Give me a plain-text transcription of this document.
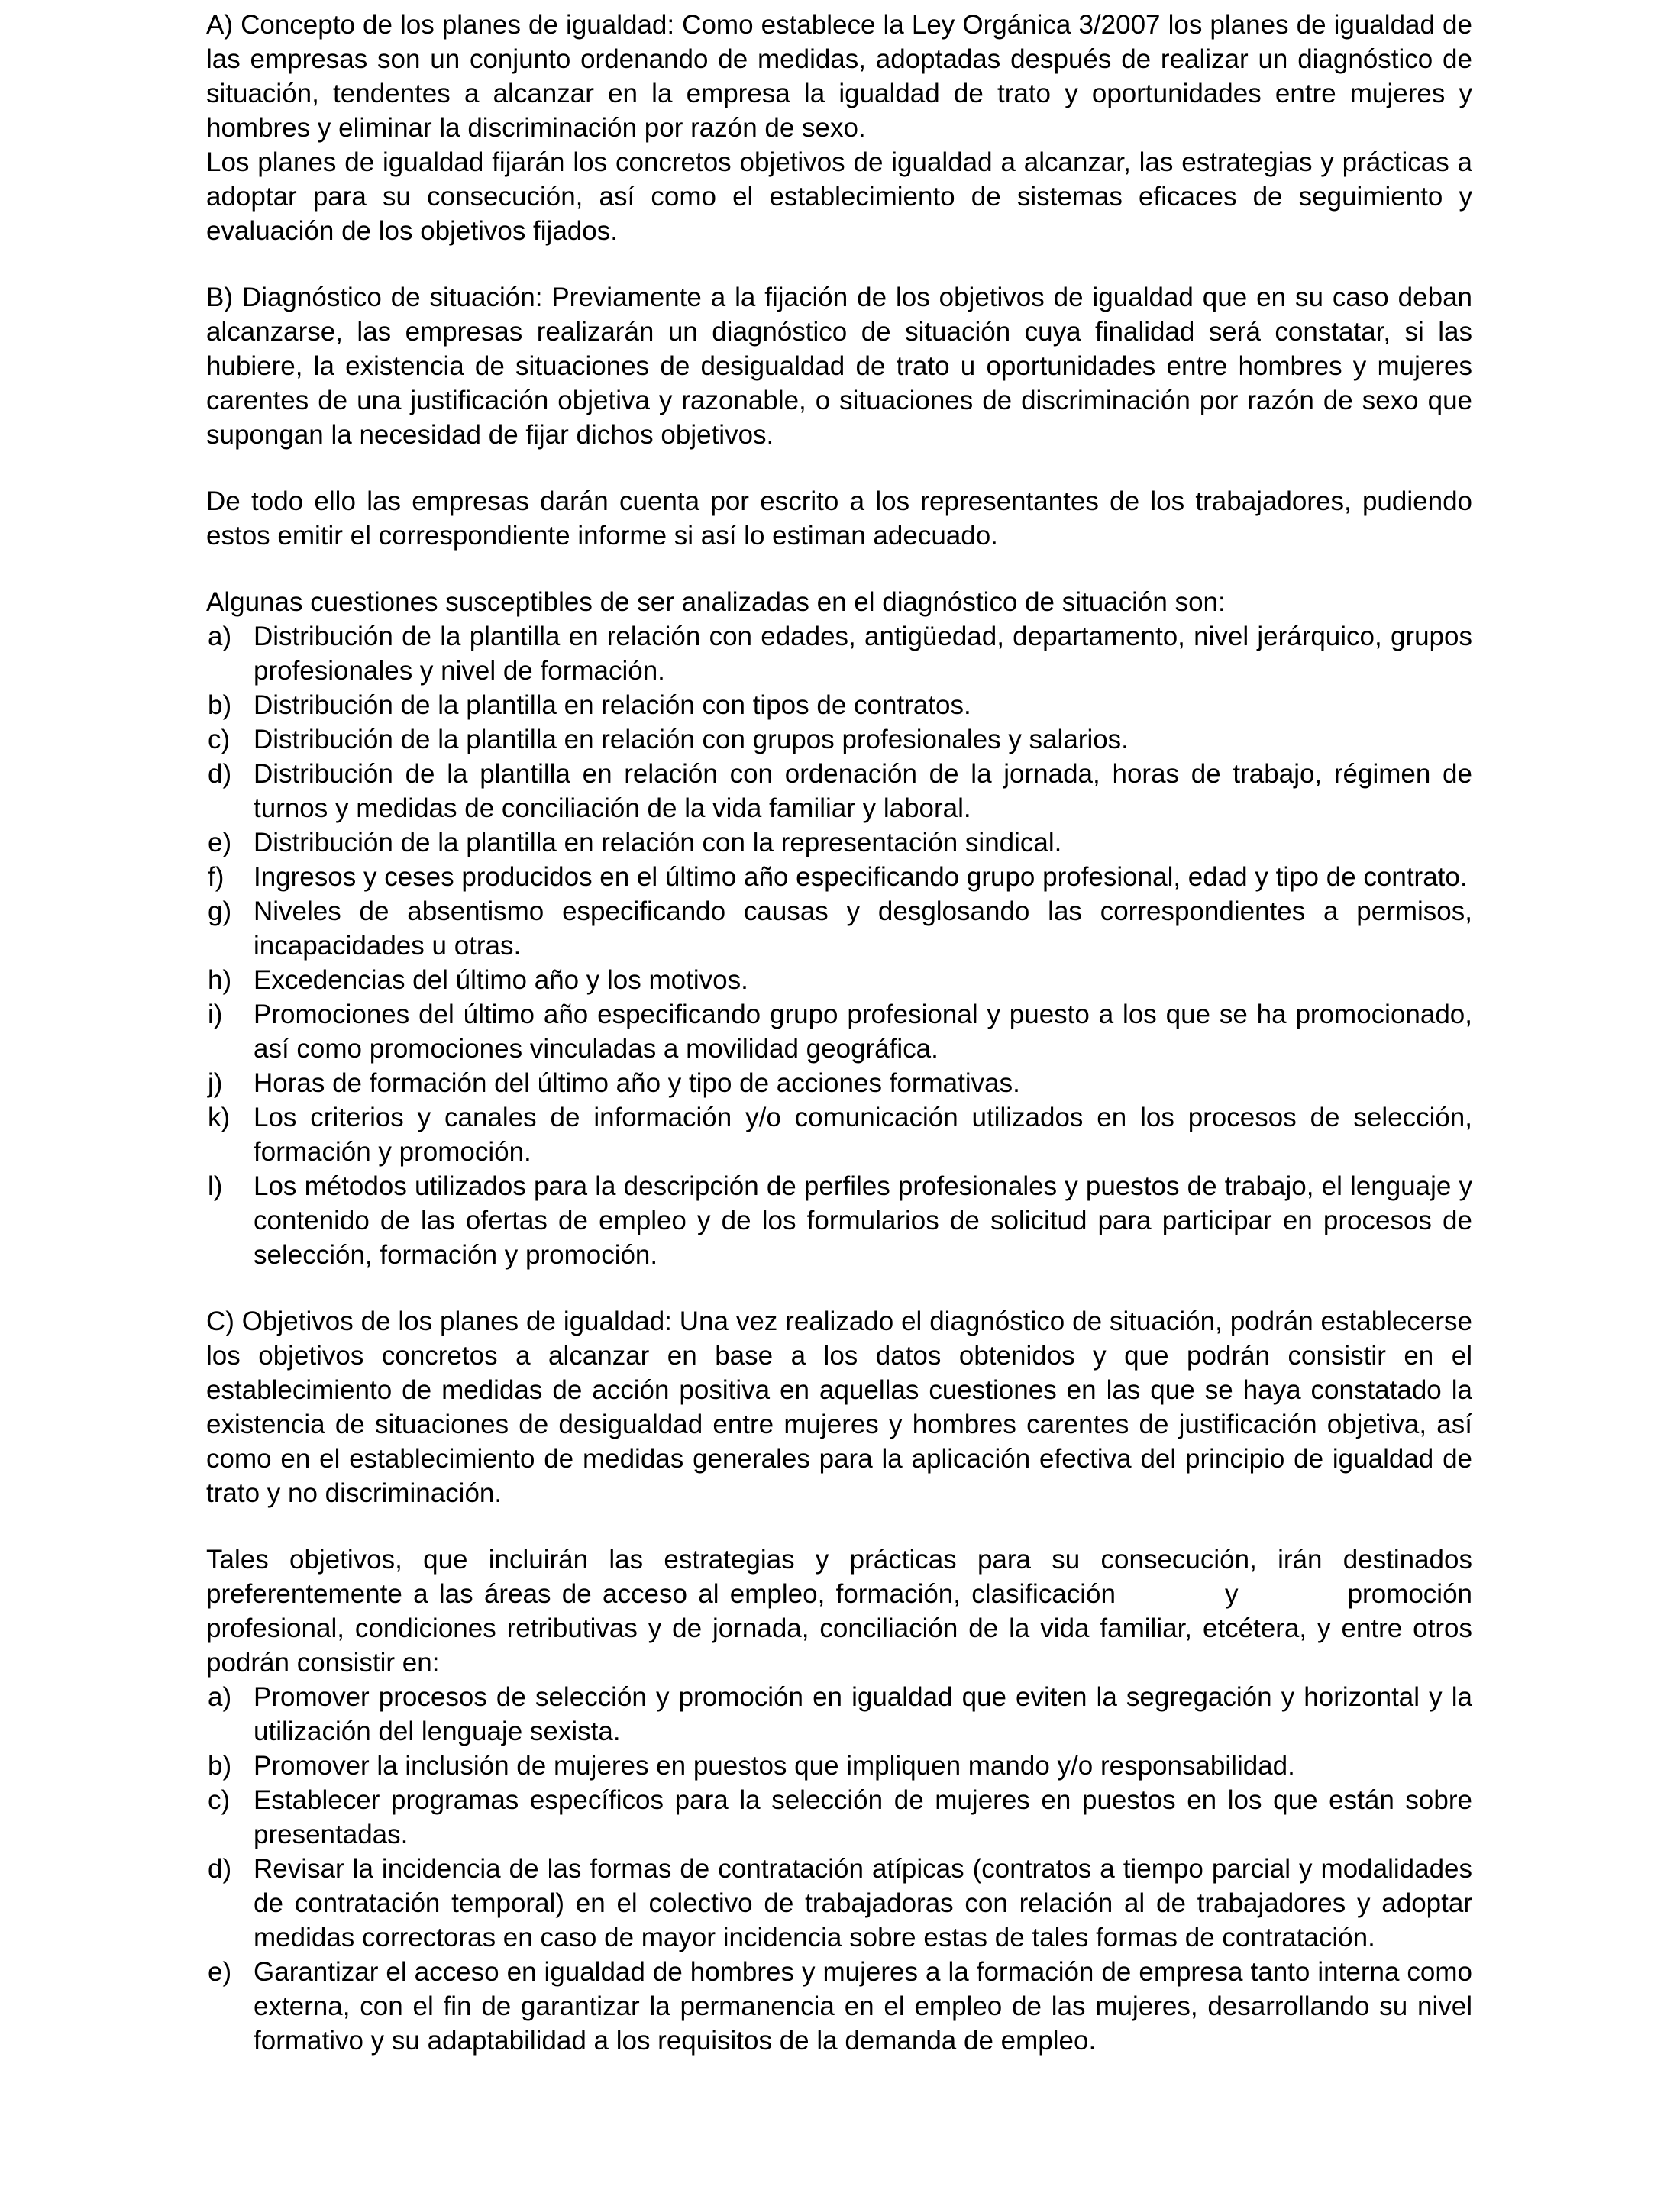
A) Concepto de los planes de igualdad: Como establece la Ley Orgánica 3/2007 los planes de igualdad de las empresas son un conjunto ordenando de medidas, adoptadas después de realizar un diagnóstico de situación, tendentes a alcanzar en la empresa la igualdad de trato y oportunidades entre mujeres y hombres y eliminar la discriminación por razón de sexo.

Los planes de igualdad fijarán los concretos objetivos de igualdad a alcanzar, las estrategias y prácticas a adoptar para su consecución, así como el establecimiento de sistemas eficaces de seguimiento y evaluación de los objetivos fijados.

B) Diagnóstico de situación: Previamente a la fijación de los objetivos de igualdad que en su caso deban alcanzarse, las empresas realizarán un diagnóstico de situación cuya finalidad será constatar, si las hubiere, la existencia de situaciones de desigualdad de trato u oportunidades entre hombres y mujeres carentes de una justificación objetiva y razonable, o situaciones de discriminación por razón de sexo que supongan la necesidad de fijar dichos objetivos.

De todo ello las empresas darán cuenta por escrito a los representantes de los trabajadores, pudiendo estos emitir el correspondiente informe si así lo estiman adecuado.

Algunas cuestiones susceptibles de ser analizadas en el diagnóstico de situación son:

a) Distribución de la plantilla en relación con edades, antigüedad, departamento, nivel jerárquico, grupos profesionales y nivel de formación.
b) Distribución de la plantilla en relación con tipos de contratos.
c) Distribución de la plantilla en relación con grupos profesionales y salarios.
d) Distribución de la plantilla en relación con ordenación de la jornada, horas de trabajo, régimen de turnos y medidas de conciliación de la vida familiar y laboral.
e) Distribución de la plantilla en relación con la representación sindical.
f) Ingresos y ceses producidos en el último año especificando grupo profesional, edad y tipo de contrato.
g) Niveles de absentismo especificando causas y desglosando las correspondientes a permisos, incapacidades u otras.
h) Excedencias del último año y los motivos.
i) Promociones del último año especificando grupo profesional y puesto a los que se ha promocionado, así como promociones vinculadas a movilidad geográfica.
j) Horas de formación del último año y tipo de acciones formativas.
k) Los criterios y canales de información y/o comunicación utilizados en los procesos de selección, formación y promoción.
l) Los métodos utilizados para la descripción de perfiles profesionales y puestos de trabajo, el lenguaje y contenido de las ofertas de empleo y de los formularios de solicitud para participar en procesos de selección, formación y promoción.

C) Objetivos de los planes de igualdad: Una vez realizado el diagnóstico de situación, podrán establecerse los objetivos concretos a alcanzar en base a los datos obtenidos y que podrán consistir en el establecimiento de medidas de acción positiva en aquellas cuestiones en las que se haya constatado la existencia de situaciones de desigualdad entre mujeres y hombres carentes de justificación objetiva, así como en el establecimiento de medidas generales para la aplicación efectiva del principio de igualdad de trato y no discriminación.

Tales objetivos, que incluirán las estrategias y prácticas para su consecución, irán destinados preferentemente a las áreas de acceso al empleo, formación, clasificación          y          promoción profesional, condiciones retributivas y de jornada, conciliación de la vida familiar, etcétera, y entre otros podrán consistir en:

a) Promover procesos de selección y promoción en igualdad que eviten la segregación y horizontal y la utilización del lenguaje sexista.
b) Promover la inclusión de mujeres en puestos que impliquen mando y/o responsabilidad.
c) Establecer programas específicos para la selección de mujeres en puestos en los que están sobre presentadas.
d) Revisar la incidencia de las formas de contratación atípicas (contratos a tiempo parcial y modalidades de contratación temporal) en el colectivo de trabajadoras con relación al de trabajadores y adoptar medidas correctoras en caso de mayor incidencia sobre estas de tales formas de contratación.
e) Garantizar el acceso en igualdad de hombres y mujeres a la formación de empresa tanto interna como externa, con el fin de garantizar la permanencia en el empleo de las mujeres, desarrollando su nivel formativo y su adaptabilidad a los requisitos de la demanda de empleo.
